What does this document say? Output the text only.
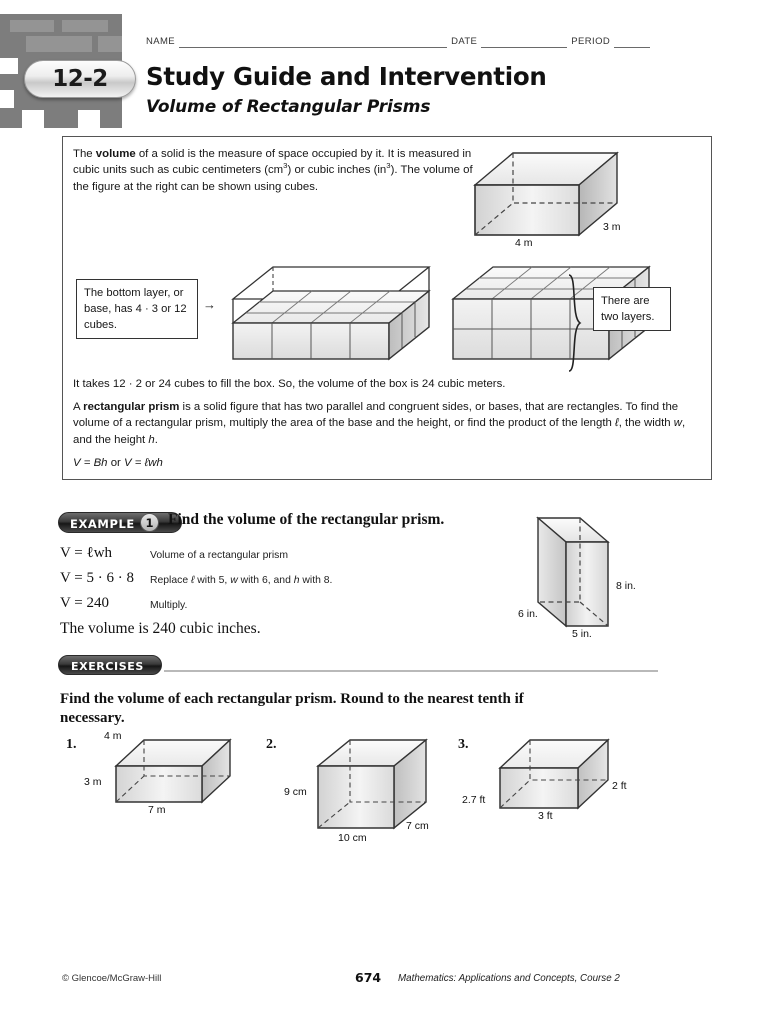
NAME	DATE	PERIOD
12-2 Study Guide and Intervention
Volume of Rectangular Prisms
The volume of a solid is the measure of space occupied by it. It is measured in cubic units such as cubic centimeters $(cm^3)$ or cubic inches $(in^3)$. The volume of the figure at the right can be shown using cubes.
3 m
4 m
The bottom layer, or base, has 4 · 3 or 12 cubes.
→	There are two layers.
It takes 12 · 2 or 24 cubes to fill the box. So, the volume of the box is 24 cubic meters.
A rectangular prism is a solid figure that has two parallel and congruent sides, or bases, that are rectangles. To find the volume of a rectangular prism, multiply the area of the base and the height, or find the product of the length ℓ, the width w, and the height h.
V = Bh or V = ℓwh
EXAMPLE 1 Find the volume of the rectangular prism.
V = ℓwh	Volume of a rectangular prism
V = 5 · 6 · 8 Replace ℓ with 5, w with 6, and h with 8.
V = 240	Multiply.
The volume is 240 cubic inches.
8 in.
6 in.
5 in.
EXERCISES
Find the volume of each rectangular prism. Round to the nearest tenth if necessary.
1.
4 m
3 m
7 m
2.
9 cm
7 cm
10 cm
3.
2 ft
2.7 ft
3 ft
© Glencoe/McGraw-Hill	674 Mathematics: Applications and Concepts, Course 2
